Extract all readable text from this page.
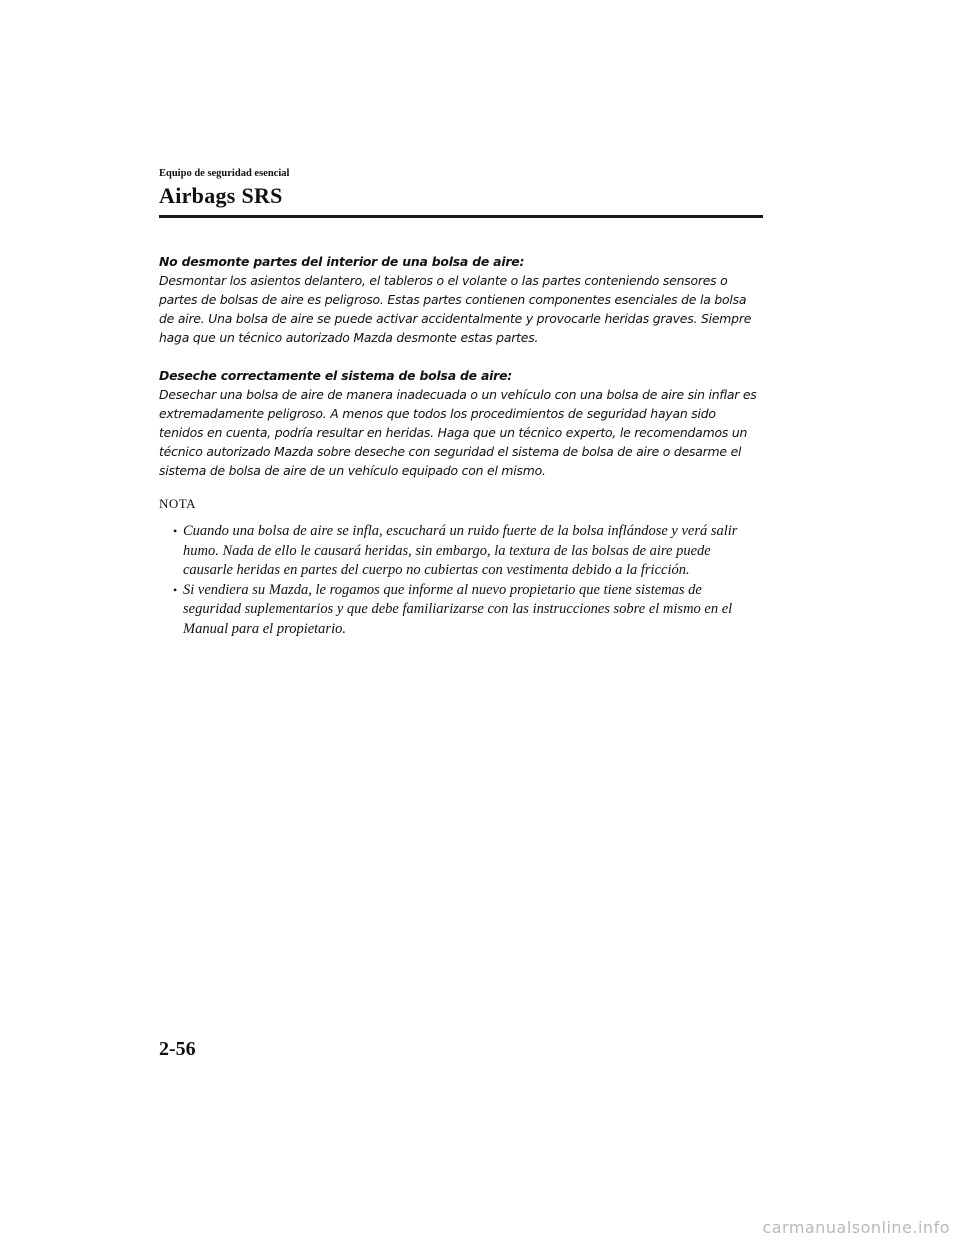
Equipo de seguridad esencial
Airbags SRS
No desmonte partes del interior de una bolsa de aire:
Desmontar los asientos delantero, el tableros o el volante o las partes conteniendo sensores o partes de bolsas de aire es peligroso. Estas partes contienen componentes esenciales de la bolsa de aire. Una bolsa de aire se puede activar accidentalmente y provocarle heridas graves. Siempre haga que un técnico autorizado Mazda desmonte estas partes.
Deseche correctamente el sistema de bolsa de aire:
Desechar una bolsa de aire de manera inadecuada o un vehículo con una bolsa de aire sin inflar es extremadamente peligroso. A menos que todos los procedimientos de seguridad hayan sido tenidos en cuenta, podría resultar en heridas. Haga que un técnico experto, le recomendamos un técnico autorizado Mazda sobre deseche con seguridad el sistema de bolsa de aire o desarme el sistema de bolsa de aire de un vehículo equipado con el mismo.
NOTA
• Cuando una bolsa de aire se infla, escuchará un ruido fuerte de la bolsa inflándose y verá salir humo. Nada de ello le causará heridas, sin embargo, la textura de las bolsas de aire puede causarle heridas en partes del cuerpo no cubiertas con vestimenta debido a la fricción.
• Si vendiera su Mazda, le rogamos que informe al nuevo propietario que tiene sistemas de seguridad suplementarios y que debe familiarizarse con las instrucciones sobre el mismo en el Manual para el propietario.
2-56
carmanualsonline.info
